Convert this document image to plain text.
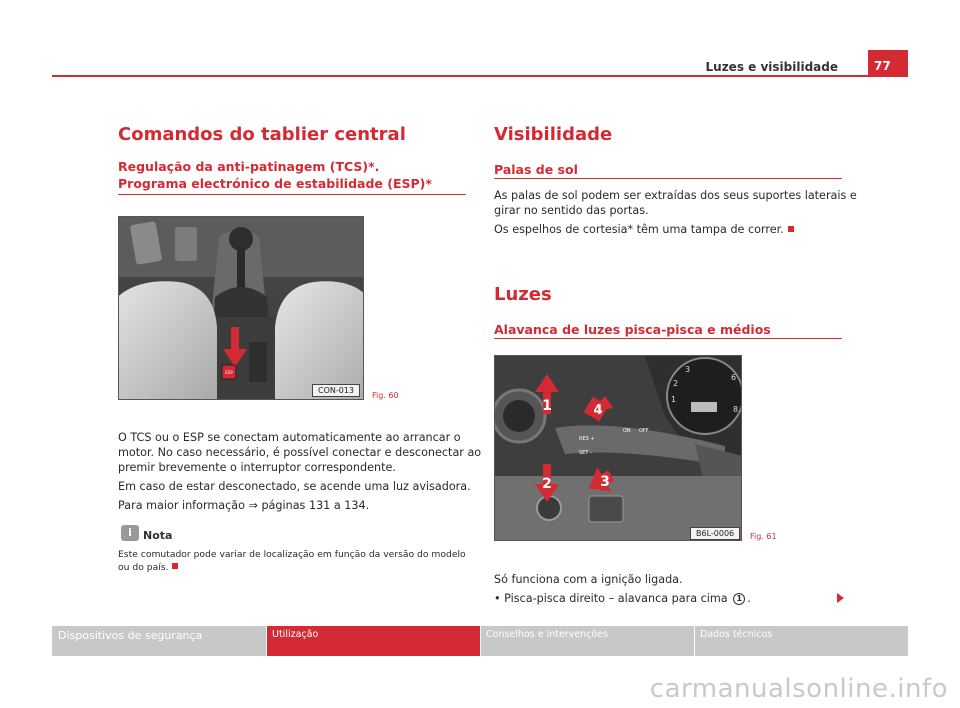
Luzes e visibilidade	77
Comandos do tablier central
Regulação da anti-patinagem (TCS)*.
Programa electrónico de estabilidade (ESP)*
ESP
CON-013
Fig. 60
O TCS ou o ESP se conectam automaticamente ao arrancar o
motor. No caso necessário, é possível conectar e desconectar ao
premir brevemente o interruptor correspondente.
Em caso de estar desconectado, se acende uma luz avisadora.
Para maior informação ⇒ páginas 131 a 134.
i	Nota
Este comutador pode variar de localização em função da versão do modelo
ou do país.
Visibilidade
Palas de sol
As palas de sol podem ser extraídas dos seus suportes laterais e
girar no sentido das portas.
Os espelhos de cortesia* têm uma tampa de correr.
Luzes
Alavanca de luzes pisca-pisca e médios
3
2
1
6
8
RES +
SET –
ON OFF
1
2	3
4
B6L-0006	Fig. 61
Só funciona com a ignição ligada.
• Pisca-pisca direito – alavanca para cima 1 .
Dispositivos de segurança	Utilização	Conselhos e intervenções	Dados técnicos
carmanualsonline.info
